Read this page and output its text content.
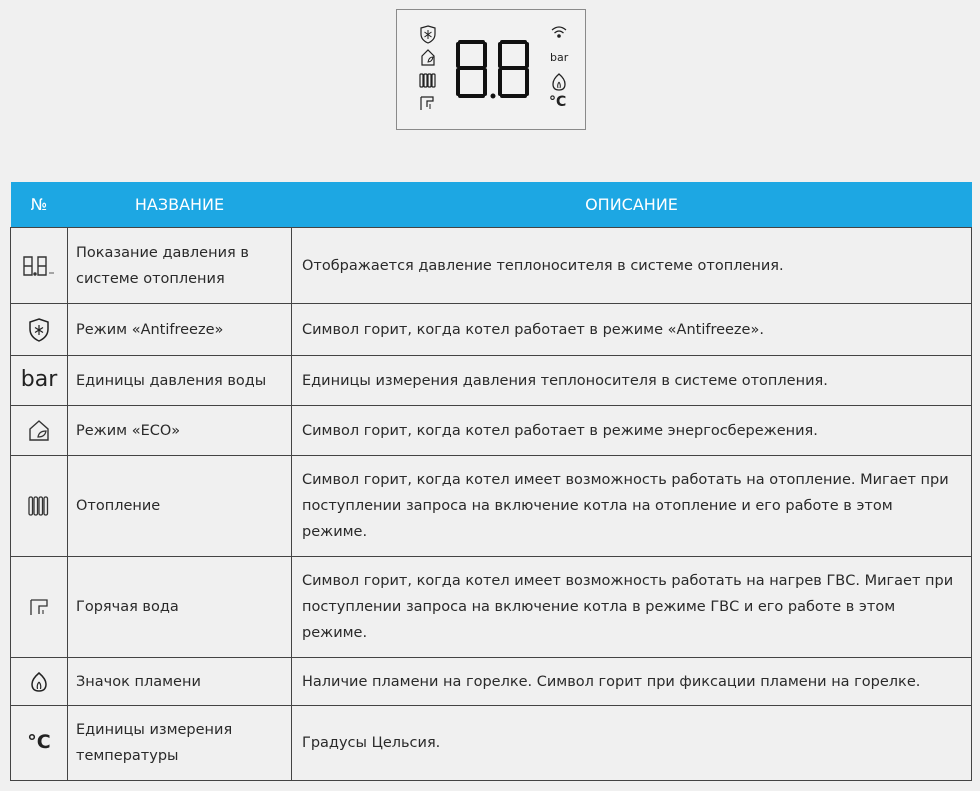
bar
°C
№	НАЗВАНИЕ	ОПИСАНИЕ
	Показание давления в системе отопления	Отображается давление теплоносителя в системе отопления.
	Режим «Antifreeze»	Символ горит, когда котел работает в режиме «Antifreeze».
bar	Единицы давления воды	Единицы измерения давления теплоносителя в системе отопления.
	Режим «ECO»	Символ горит, когда котел работает в режиме энергосбережения.
	Отопление	Символ горит, когда котел имеет возможность работать на отопление. Мигает при поступлении запроса на включение котла на отопление и его работе в этом режиме.
	Горячая вода	Символ горит, когда котел имеет возможность работать на нагрев ГВС. Мигает при поступлении запроса на включение котла в режиме ГВС и его работе в этом режиме.
	Значок пламени	Наличие пламени на горелке. Символ горит при фиксации пламени на горелке.
°C	Единицы измерения температуры	Градусы Цельсия.
